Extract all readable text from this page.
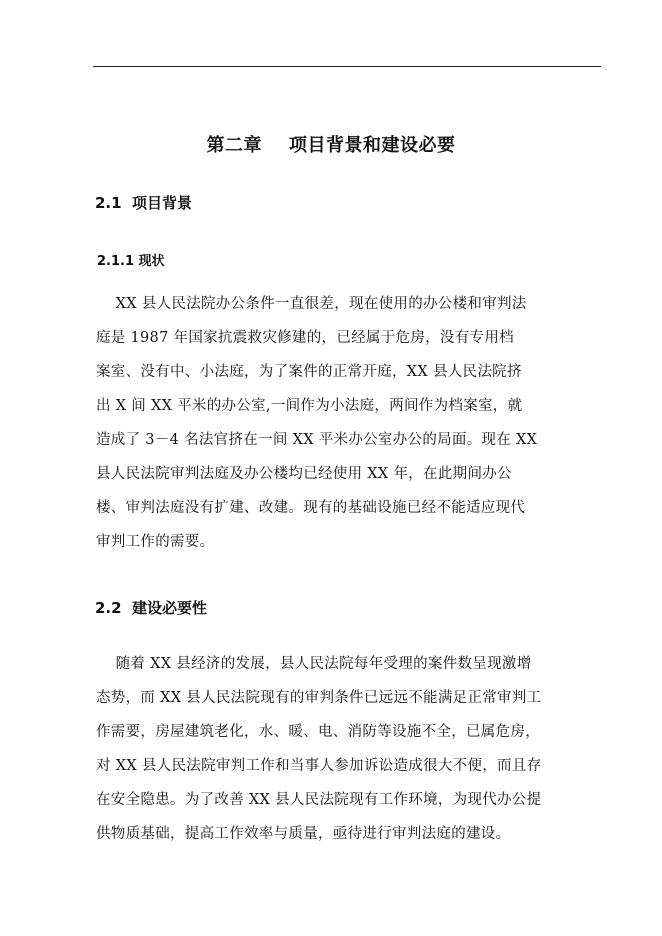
第二章    项目背景和建设必要
2.1  项目背景
2.1.1 现状
XX 县人民法院办公条件一直很差，现在使用的办公楼和审判法
庭是 1987 年国家抗震救灾修建的，已经属于危房，没有专用档
案室、没有中、小法庭，为了案件的正常开庭，XX 县人民法院挤
出 X 间 XX 平米的办公室,一间作为小法庭，两间作为档案室，就
造成了 3－4 名法官挤在一间 XX 平米办公室办公的局面。现在 XX
县人民法院审判法庭及办公楼均已经使用 XX 年，在此期间办公
楼、审判法庭没有扩建、改建。现有的基础设施已经不能适应现代
审判工作的需要。
2.2  建设必要性
随着 XX 县经济的发展，县人民法院每年受理的案件数呈现激增
态势，而 XX 县人民法院现有的审判条件已远远不能满足正常审判工
作需要，房屋建筑老化，水、暖、电、消防等设施不全，已属危房，
对 XX 县人民法院审判工作和当事人参加诉讼造成很大不便，而且存
在安全隐患。为了改善 XX 县人民法院现有工作环境，为现代办公提
供物质基础，提高工作效率与质量，亟待进行审判法庭的建设。
